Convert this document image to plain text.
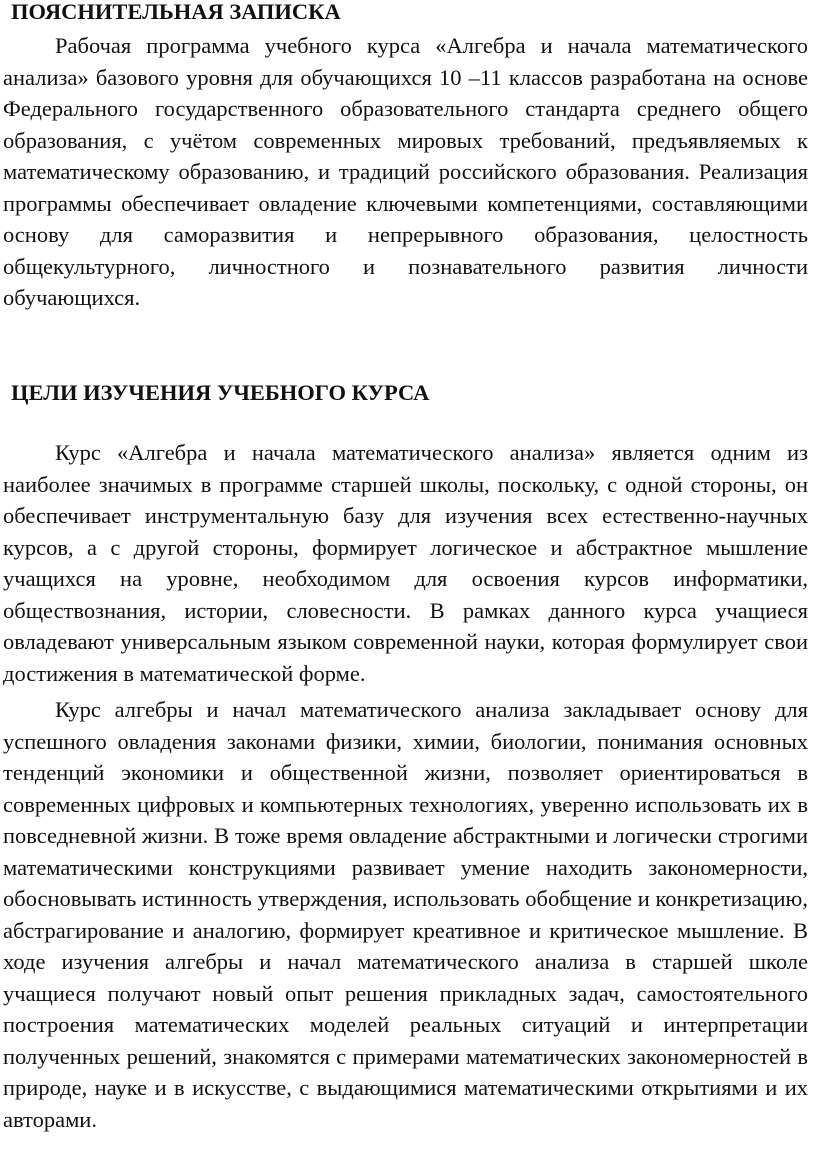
ПОЯСНИТЕЛЬНАЯ ЗАПИСКА

Рабочая программа учебного курса «Алгебра и начала математического анализа» базового уровня для обучающихся 10 –11 классов разработана на основе Федерального государственного образовательного стандарта среднего общего образования, с учётом современных мировых требований, предъявляемых к математическому образованию, и традиций российского образования. Реализация программы обеспечивает овладение ключевыми компетенциями, составляющими основу для саморазвития и непрерывного образования, целостность общекультурного, личностного и познавательного развития личности обучающихся.

ЦЕЛИ ИЗУЧЕНИЯ УЧЕБНОГО КУРСА

Курс «Алгебра и начала математического анализа» является одним из наиболее значимых в программе старшей школы, поскольку, с одной стороны, он обеспечивает инструментальную базу для изучения всех естественно-научных курсов, а с другой стороны, формирует логическое и абстрактное мышление учащихся на уровне, необходимом для освоения курсов информатики, обществознания, истории, словесности. В рамках данного курса учащиеся овладевают универсальным языком современной науки, которая формулирует свои достижения в математической форме.

Курс алгебры и начал математического анализа закладывает основу для успешного овладения законами физики, химии, биологии, понимания основных тенденций экономики и общественной жизни, позволяет ориентироваться в современных цифровых и компьютерных технологиях, уверенно использовать их в повседневной жизни. В тоже время овладение абстрактными и логически строгими математическими конструкциями развивает умение находить закономерности, обосновывать истинность утверждения, использовать обобщение и конкретизацию, абстрагирование и аналогию, формирует креативное и критическое мышление. В ходе изучения алгебры и начал математического анализа в старшей школе учащиеся получают новый опыт решения прикладных задач, самостоятельного построения математических моделей реальных ситуаций и интерпретации полученных решений, знакомятся с примерами математических закономерностей в природе, науке и в искусстве, с выдающимися математическими открытиями и их авторами.
